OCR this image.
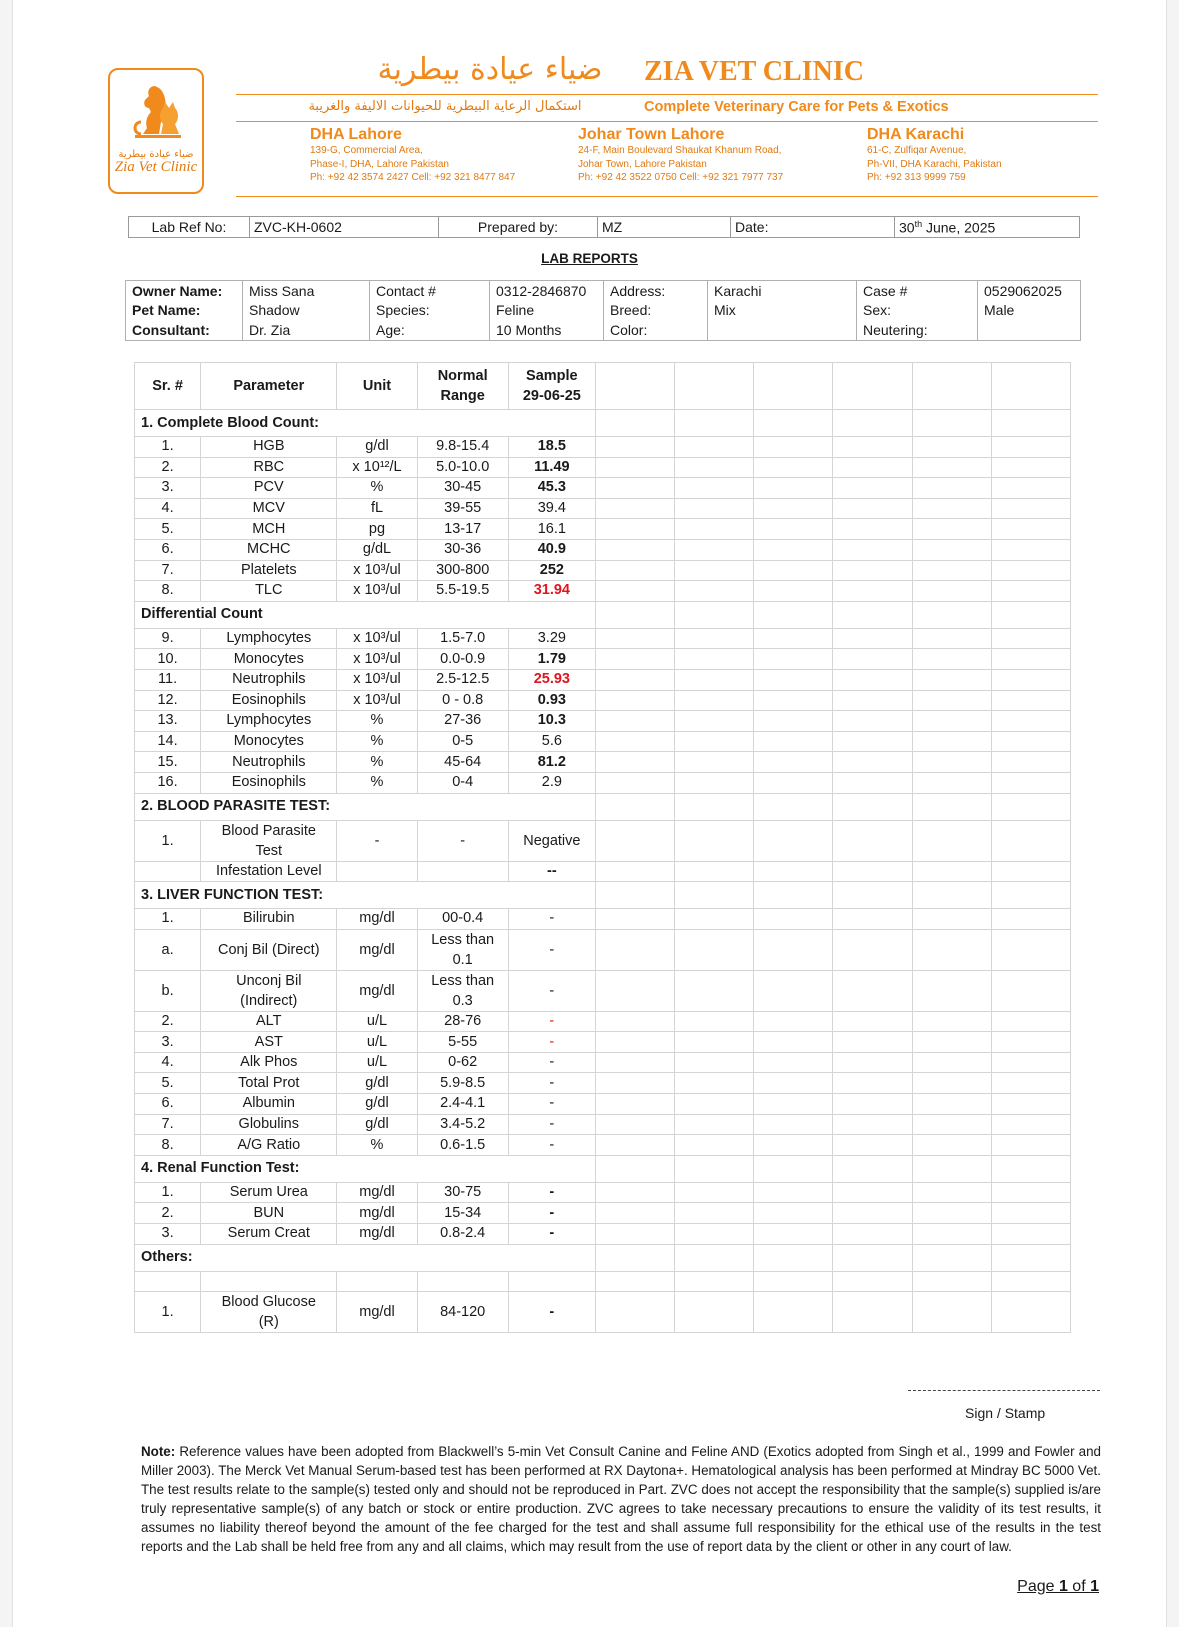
ضياء عيادة بيطرية
Zia Vet Clinic
ضياء عيادة بيطرية ZIA VET CLINIC
استكمال الرعاية البيطرية للحيوانات الاليفة والغريبة	Complete Veterinary Care for Pets & Exotics
DHA Lahore
139-G, Commercial Area,
Phase-I, DHA, Lahore Pakistan
Ph: +92 42 3574 2427 Cell: +92 321 8477 847
Johar Town Lahore
24-F, Main Boulevard Shaukat Khanum Road,
Johar Town, Lahore Pakistan
Ph: +92 42 3522 0750 Cell: +92 321 7977 737
DHA Karachi
61-C, Zulfiqar Avenue,
Ph-VII, DHA Karachi, Pakistan
Ph: +92 313 9999 759
Lab Ref No:	ZVC-KH-0602	Prepared by:	MZ	Date:	30th June, 2025
LAB REPORTS
Owner Name:	Miss Sana	Contact #	0312-2846870	Address:	Karachi	Case #	0529062025
Pet Name:	Shadow	Species:	Feline	Breed:	Mix	Sex:	Male
Consultant:	Dr. Zia	Age:	10 Months	Color:		Neutering:	
Sr. #	Parameter	Unit	Normal
Range	Sample
29-06-25						
1. Complete Blood Count:										
1.	HGB	g/dl	9.8-15.4	18.5						
2.	RBC	x 10¹²/L	5.0-10.0	11.49						
3.	PCV	%	30-45	45.3						
4.	MCV	fL	39-55	39.4						
5.	MCH	pg	13-17	16.1						
6.	MCHC	g/dL	30-36	40.9						
7.	Platelets	x 10³/ul	300-800	252						
8.	TLC	x 10³/ul	5.5-19.5	31.94						
Differential Count										
9.	Lymphocytes	x 10³/ul	1.5-7.0	3.29						
10.	Monocytes	x 10³/ul	0.0-0.9	1.79						
11.	Neutrophils	x 10³/ul	2.5-12.5	25.93						
12.	Eosinophils	x 10³/ul	0 - 0.8	0.93						
13.	Lymphocytes	%	27-36	10.3						
14.	Monocytes	%	0-5	5.6						
15.	Neutrophils	%	45-64	81.2						
16.	Eosinophils	%	0-4	2.9						
2. BLOOD PARASITE TEST:										
1.	Blood Parasite
Test	-	-	Negative						
	Infestation Level			--						
3. LIVER FUNCTION TEST:										
1.	Bilirubin	mg/dl	00-0.4	-						
a.	Conj Bil (Direct)	mg/dl	Less than
0.1	-						
b.	Unconj Bil
(Indirect)	mg/dl	Less than
0.3	-						
2.	ALT	u/L	28-76	-						
3.	AST	u/L	5-55	-						
4.	Alk Phos	u/L	0-62	-						
5.	Total Prot	g/dl	5.9-8.5	-						
6.	Albumin	g/dl	2.4-4.1	-						
7.	Globulins	g/dl	3.4-5.2	-						
8.	A/G Ratio	%	0.6-1.5	-						
4. Renal Function Test:										
1.	Serum Urea	mg/dl	30-75	-						
2.	BUN	mg/dl	15-34	-						
3.	Serum Creat	mg/dl	0.8-2.4	-						
Others:										

1.	Blood Glucose
(R)	mg/dl	84-120	-						
Sign / Stamp
Note: Reference values have been adopted from Blackwell’s 5-min Vet Consult Canine and Feline AND (Exotics adopted from Singh et al., 1999 and Fowler and Miller 2003). The Merck Vet Manual Serum-based test has been performed at RX Daytona+. Hematological analysis has been performed at Mindray BC 5000 Vet. The test results relate to the sample(s) tested only and should not be reproduced in Part. ZVC does not accept the responsibility that the sample(s) supplied is/are truly representative sample(s) of any batch or stock or entire production. ZVC agrees to take necessary precautions to ensure the validity of its test results, it assumes no liability thereof beyond the amount of the fee charged for the test and shall assume full responsibility for the ethical use of the results in the test reports and the Lab shall be held free from any and all claims, which may result from the use of report data by the client or other in any court of law.
Page 1 of 1
